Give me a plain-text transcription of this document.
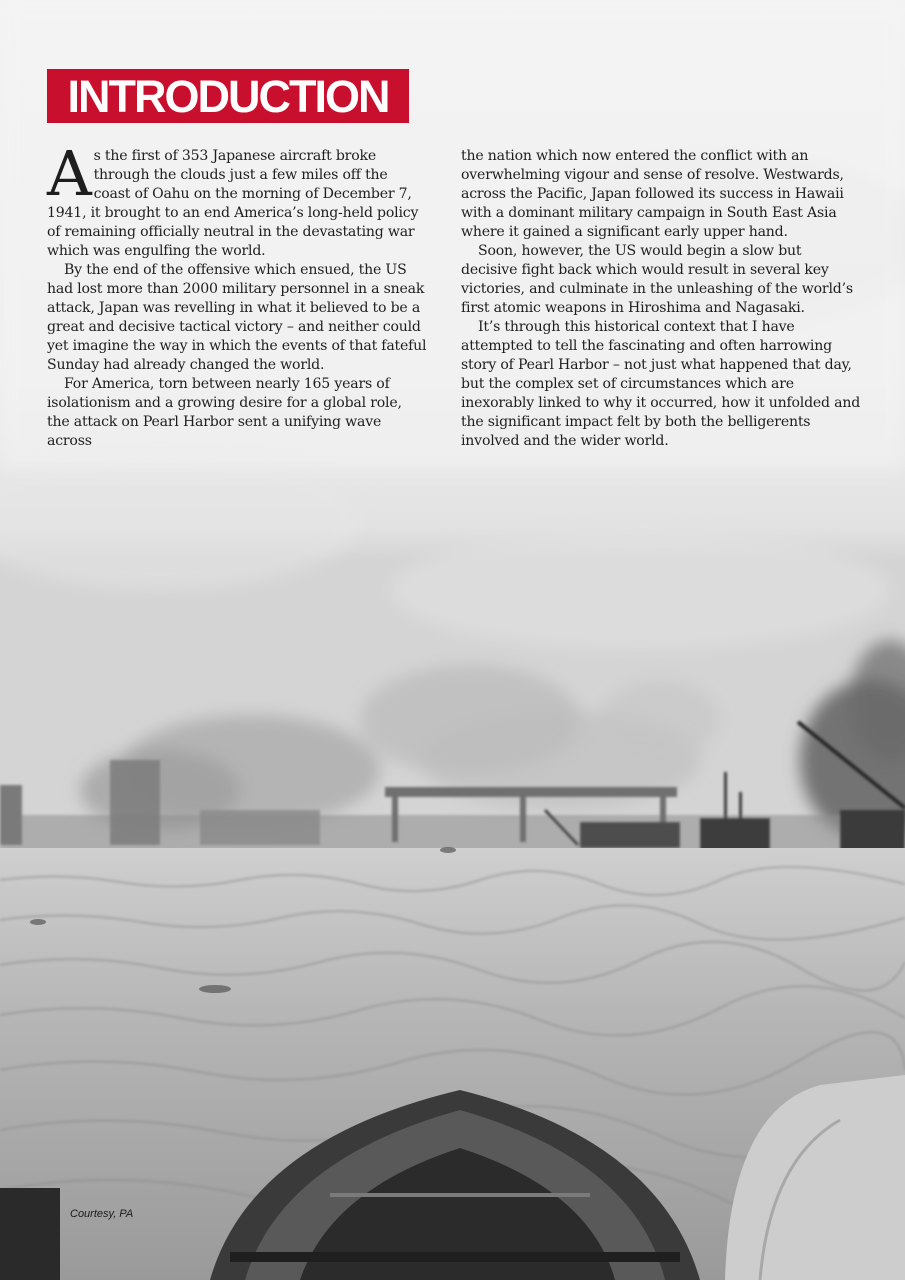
INTRODUCTION

As the first of 353 Japanese aircraft broke through the clouds just a few miles off the coast of Oahu on the morning of December 7, 1941, it brought to an end America’s long-held policy of remaining officially neutral in the devastating war which was engulfing the world.

By the end of the offensive which ensued, the US had lost more than 2000 military personnel in a sneak attack, Japan was revelling in what it believed to be a great and decisive tactical victory – and neither could yet imagine the way in which the events of that fateful Sunday had already changed the world.

For America, torn between nearly 165 years of isolationism and a growing desire for a global role, the attack on Pearl Harbor sent a unifying wave across

the nation which now entered the conflict with an overwhelming vigour and sense of resolve. Westwards, across the Pacific, Japan followed its success in Hawaii with a dominant military campaign in South East Asia where it gained a significant early upper hand.

Soon, however, the US would begin a slow but decisive fight back which would result in several key victories, and culminate in the unleashing of the world’s first atomic weapons in Hiroshima and Nagasaki.

It’s through this historical context that I have attempted to tell the fascinating and often harrowing story of Pearl Harbor – not just what happened that day, but the complex set of circumstances which are inexorably linked to why it occurred, how it unfolded and the significant impact felt by both the belligerents involved and the wider world.

Courtesy, PA
